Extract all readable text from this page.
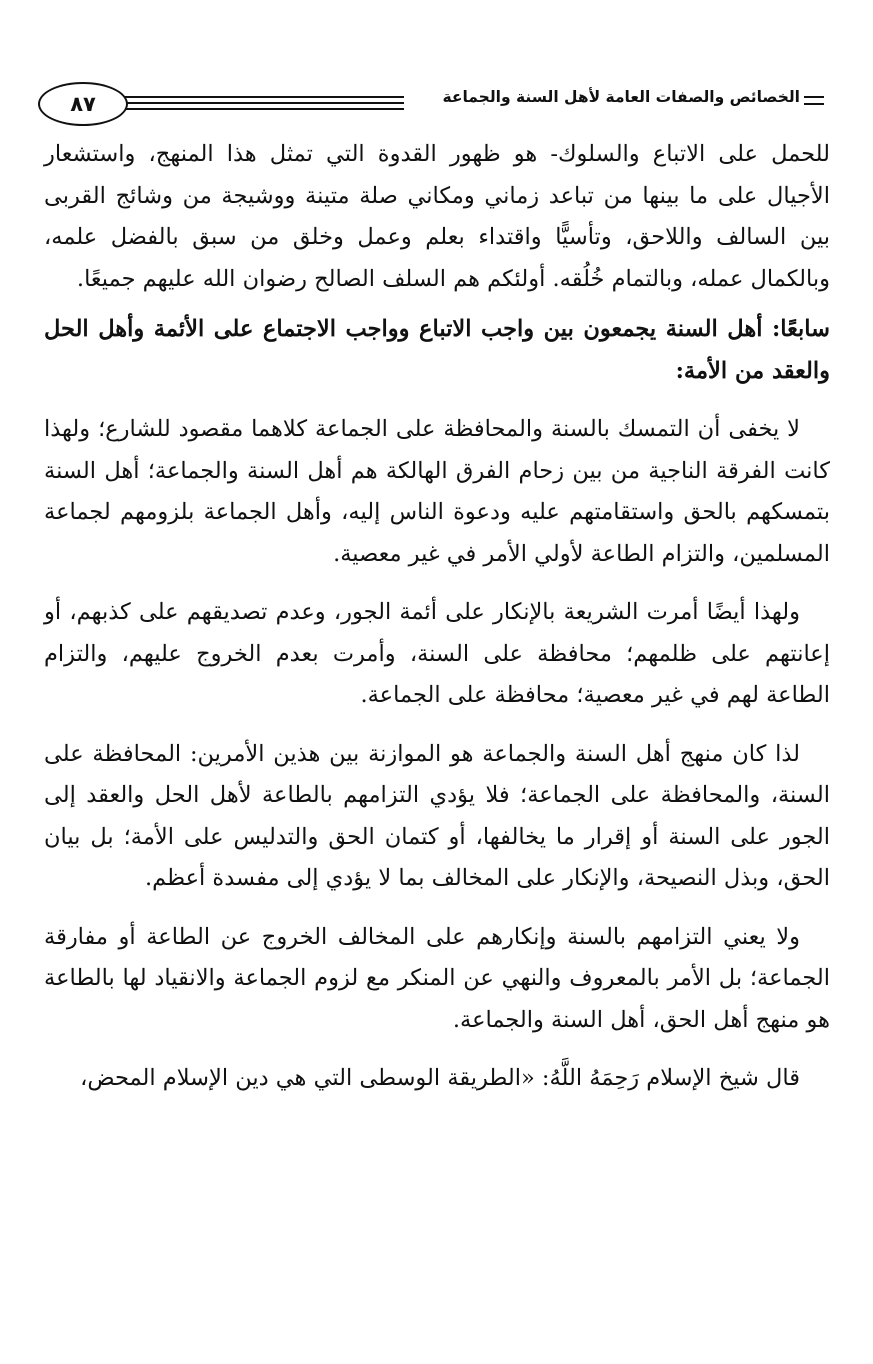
٨٧	الخصائص والصفات العامة لأهل السنة والجماعة

للحمل على الاتباع والسلوك- هو ظهور القدوة التي تمثل هذا المنهج، واستشعار الأجيال على ما بينها من تباعد زماني ومكاني صلة متينة ووشيجة من وشائج القربى بين السالف واللاحق، وتأسيًّا واقتداء بعلم وعمل وخلق من سبق بالفضل علمه، وبالكمال عمله، وبالتمام خُلُقه. أولئكم هم السلف الصالح رضوان الله عليهم جميعًا.

سابعًا: أهل السنة يجمعون بين واجب الاتباع وواجب الاجتماع على الأئمة وأهل الحل والعقد من الأمة:

لا يخفى أن التمسك بالسنة والمحافظة على الجماعة كلاهما مقصود للشارع؛ ولهذا كانت الفرقة الناجية من بين زحام الفرق الهالكة هم أهل السنة والجماعة؛ أهل السنة بتمسكهم بالحق واستقامتهم عليه ودعوة الناس إليه، وأهل الجماعة بلزومهم لجماعة المسلمين، والتزام الطاعة لأولي الأمر في غير معصية.

ولهذا أيضًا أمرت الشريعة بالإنكار على أئمة الجور، وعدم تصديقهم على كذبهم، أو إعانتهم على ظلمهم؛ محافظة على السنة، وأمرت بعدم الخروج عليهم، والتزام الطاعة لهم في غير معصية؛ محافظة على الجماعة.

لذا كان منهج أهل السنة والجماعة هو الموازنة بين هذين الأمرين: المحافظة على السنة، والمحافظة على الجماعة؛ فلا يؤدي التزامهم بالطاعة لأهل الحل والعقد إلى الجور على السنة أو إقرار ما يخالفها، أو كتمان الحق والتدليس على الأمة؛ بل بيان الحق، وبذل النصيحة، والإنكار على المخالف بما لا يؤدي إلى مفسدة أعظم.

ولا يعني التزامهم بالسنة وإنكارهم على المخالف الخروج عن الطاعة أو مفارقة الجماعة؛ بل الأمر بالمعروف والنهي عن المنكر مع لزوم الجماعة والانقياد لها بالطاعة هو منهج أهل الحق، أهل السنة والجماعة.

قال شيخ الإسلام رَحِمَهُ اللَّهُ: «الطريقة الوسطى التي هي دين الإسلام المحض،
